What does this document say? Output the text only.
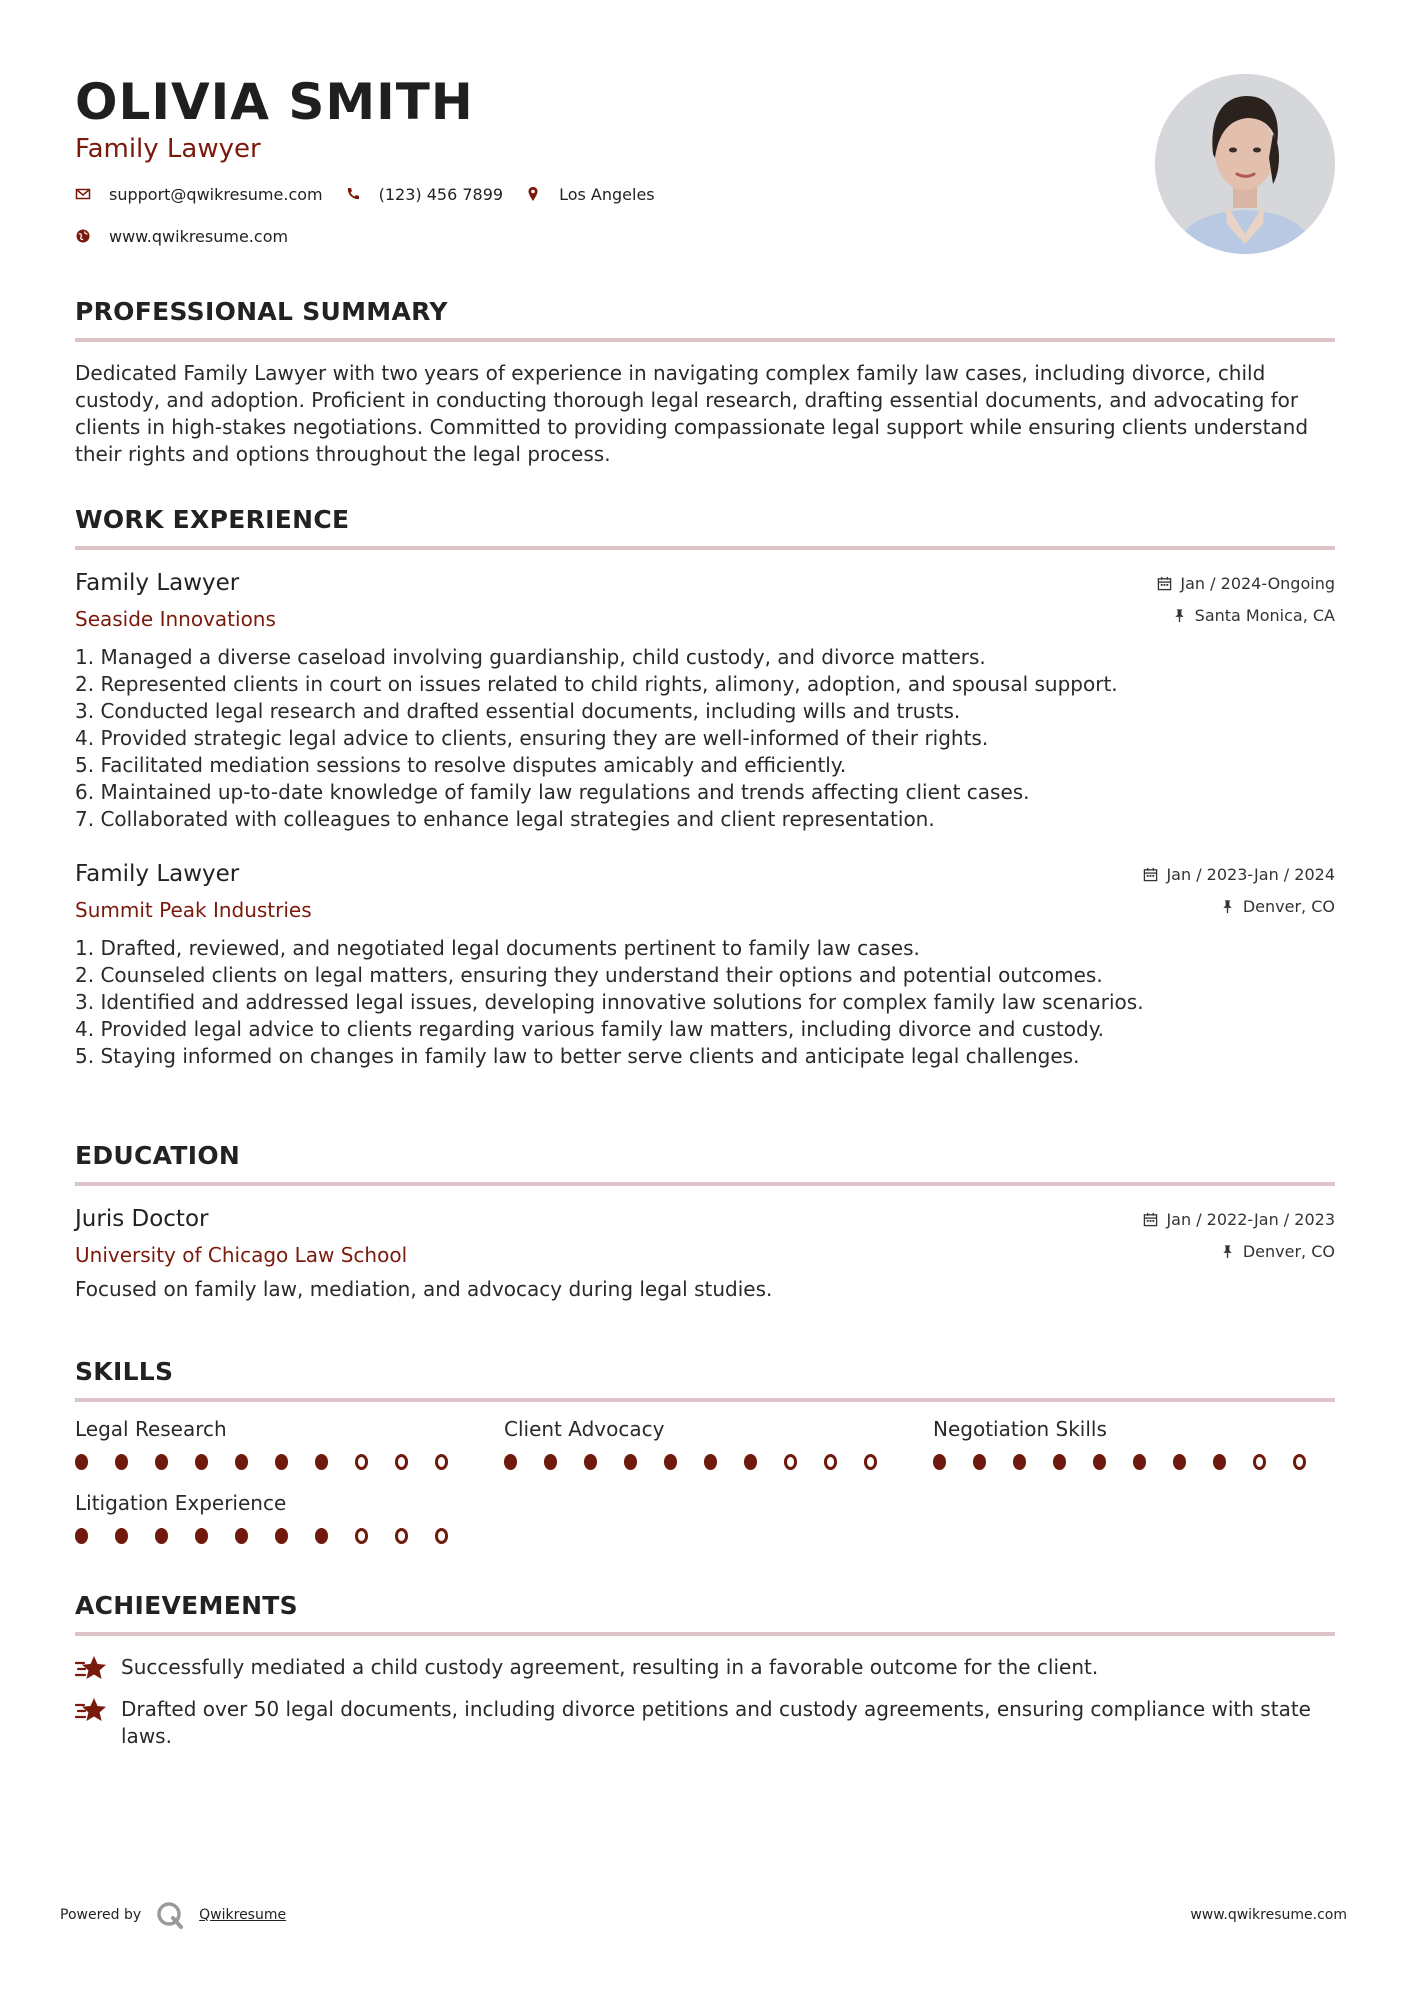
OLIVIA SMITH
Family Lawyer
support@qwikresume.com	(123) 456 7899	Los Angeles
www.qwikresume.com
PROFESSIONAL SUMMARY
Dedicated Family Lawyer with two years of experience in navigating complex family law cases, including divorce, child custody, and adoption. Proficient in conducting thorough legal research, drafting essential documents, and advocating for clients in high-stakes negotiations. Committed to providing compassionate legal support while ensuring clients understand their rights and options throughout the legal process.
WORK EXPERIENCE
Family Lawyer
Seaside Innovations
Jan / 2024-Ongoing
Santa Monica, CA
1. Managed a diverse caseload involving guardianship, child custody, and divorce matters.
2. Represented clients in court on issues related to child rights, alimony, adoption, and spousal support.
3. Conducted legal research and drafted essential documents, including wills and trusts.
4. Provided strategic legal advice to clients, ensuring they are well-informed of their rights.
5. Facilitated mediation sessions to resolve disputes amicably and efficiently.
6. Maintained up-to-date knowledge of family law regulations and trends affecting client cases.
7. Collaborated with colleagues to enhance legal strategies and client representation.
Family Lawyer
Summit Peak Industries
Jan / 2023-Jan / 2024
Denver, CO
1. Drafted, reviewed, and negotiated legal documents pertinent to family law cases.
2. Counseled clients on legal matters, ensuring they understand their options and potential outcomes.
3. Identified and addressed legal issues, developing innovative solutions for complex family law scenarios.
4. Provided legal advice to clients regarding various family law matters, including divorce and custody.
5. Staying informed on changes in family law to better serve clients and anticipate legal challenges.
EDUCATION
Juris Doctor
University of Chicago Law School
Jan / 2022-Jan / 2023
Denver, CO
Focused on family law, mediation, and advocacy during legal studies.
SKILLS
Legal Research	Client Advocacy	Negotiation Skills
Litigation Experience
ACHIEVEMENTS
Successfully mediated a child custody agreement, resulting in a favorable outcome for the client.
Drafted over 50 legal documents, including divorce petitions and custody agreements, ensuring compliance with state laws.
Powered by	Qwikresume	www.qwikresume.com
